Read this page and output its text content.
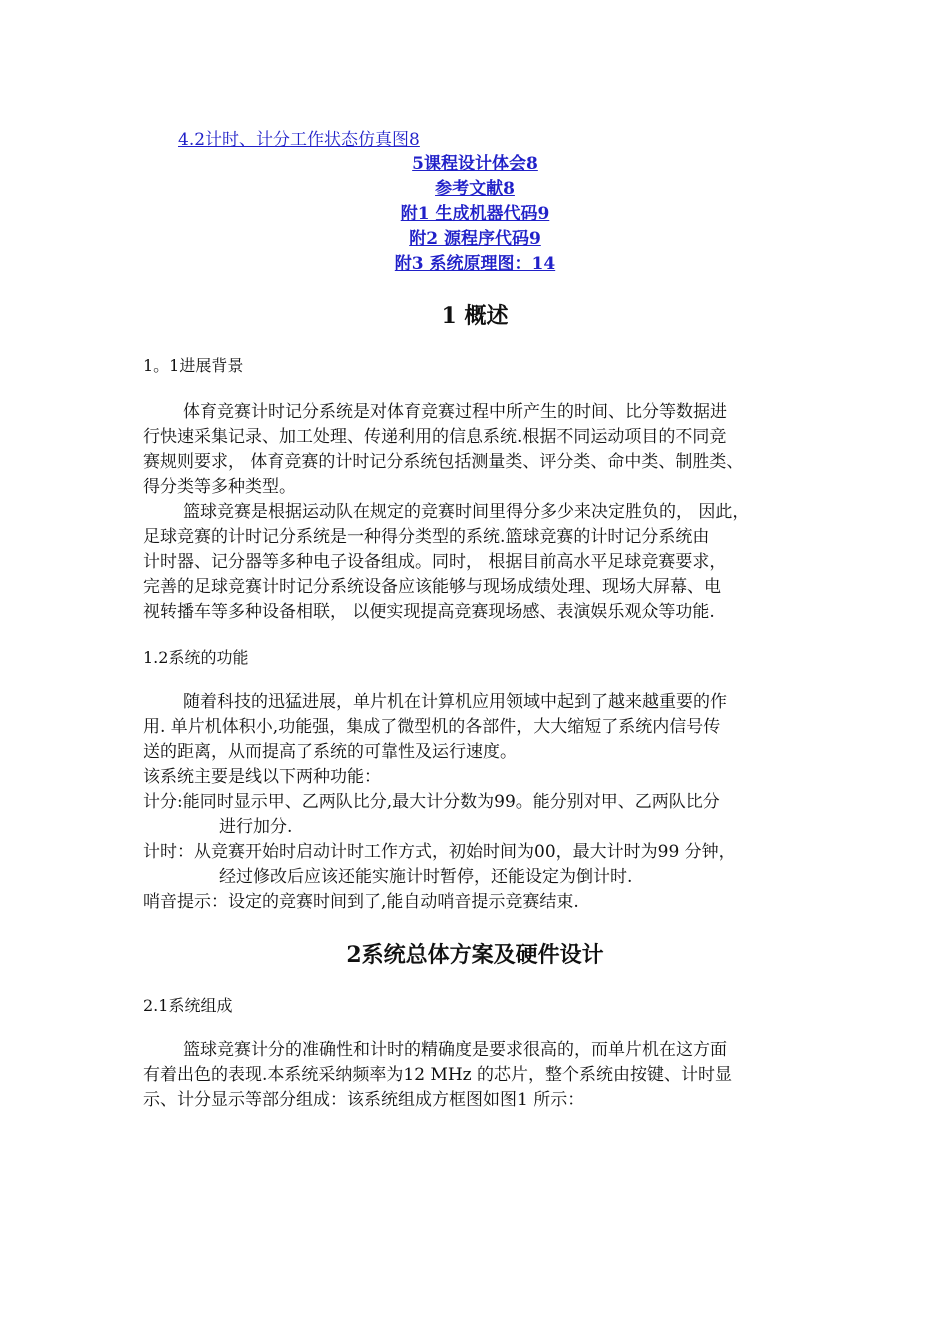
4.2计时、计分工作状态仿真图8
5课程设计体会8
参考文献8
附1 生成机器代码9
附2 源程序代码9
附3 系统原理图：14
1 概述
1。1进展背景
体育竞赛计时记分系统是对体育竞赛过程中所产生的时间、比分等数据进
行快速采集记录、加工处理、传递利用的信息系统.根据不同运动项目的不同竞
赛规则要求， 体育竞赛的计时记分系统包括测量类、评分类、命中类、制胜类、
得分类等多种类型。
篮球竞赛是根据运动队在规定的竞赛时间里得分多少来决定胜负的， 因此，
足球竞赛的计时记分系统是一种得分类型的系统.篮球竞赛的计时记分系统由
计时器、记分器等多种电子设备组成。同时， 根据目前高水平足球竞赛要求，
完善的足球竞赛计时记分系统设备应该能够与现场成绩处理、现场大屏幕、电
视转播车等多种设备相联， 以便实现提高竞赛现场感、表演娱乐观众等功能.
1.2系统的功能
随着科技的迅猛进展，单片机在计算机应用领域中起到了越来越重要的作
用. 单片机体积小,功能强，集成了微型机的各部件，大大缩短了系统内信号传
送的距离，从而提高了系统的可靠性及运行速度。
该系统主要是线以下两种功能：
计分:能同时显示甲、乙两队比分,最大计分数为99。能分别对甲、乙两队比分
进行加分.
计时：从竞赛开始时启动计时工作方式，初始时间为00，最大计时为99 分钟，
经过修改后应该还能实施计时暂停，还能设定为倒计时.
哨音提示：设定的竞赛时间到了,能自动哨音提示竞赛结束.
2系统总体方案及硬件设计
2.1系统组成
篮球竞赛计分的准确性和计时的精确度是要求很高的，而单片机在这方面
有着出色的表现.本系统采纳频率为12 MHz 的芯片，整个系统由按键、计时显
示、计分显示等部分组成：该系统组成方框图如图1 所示：
